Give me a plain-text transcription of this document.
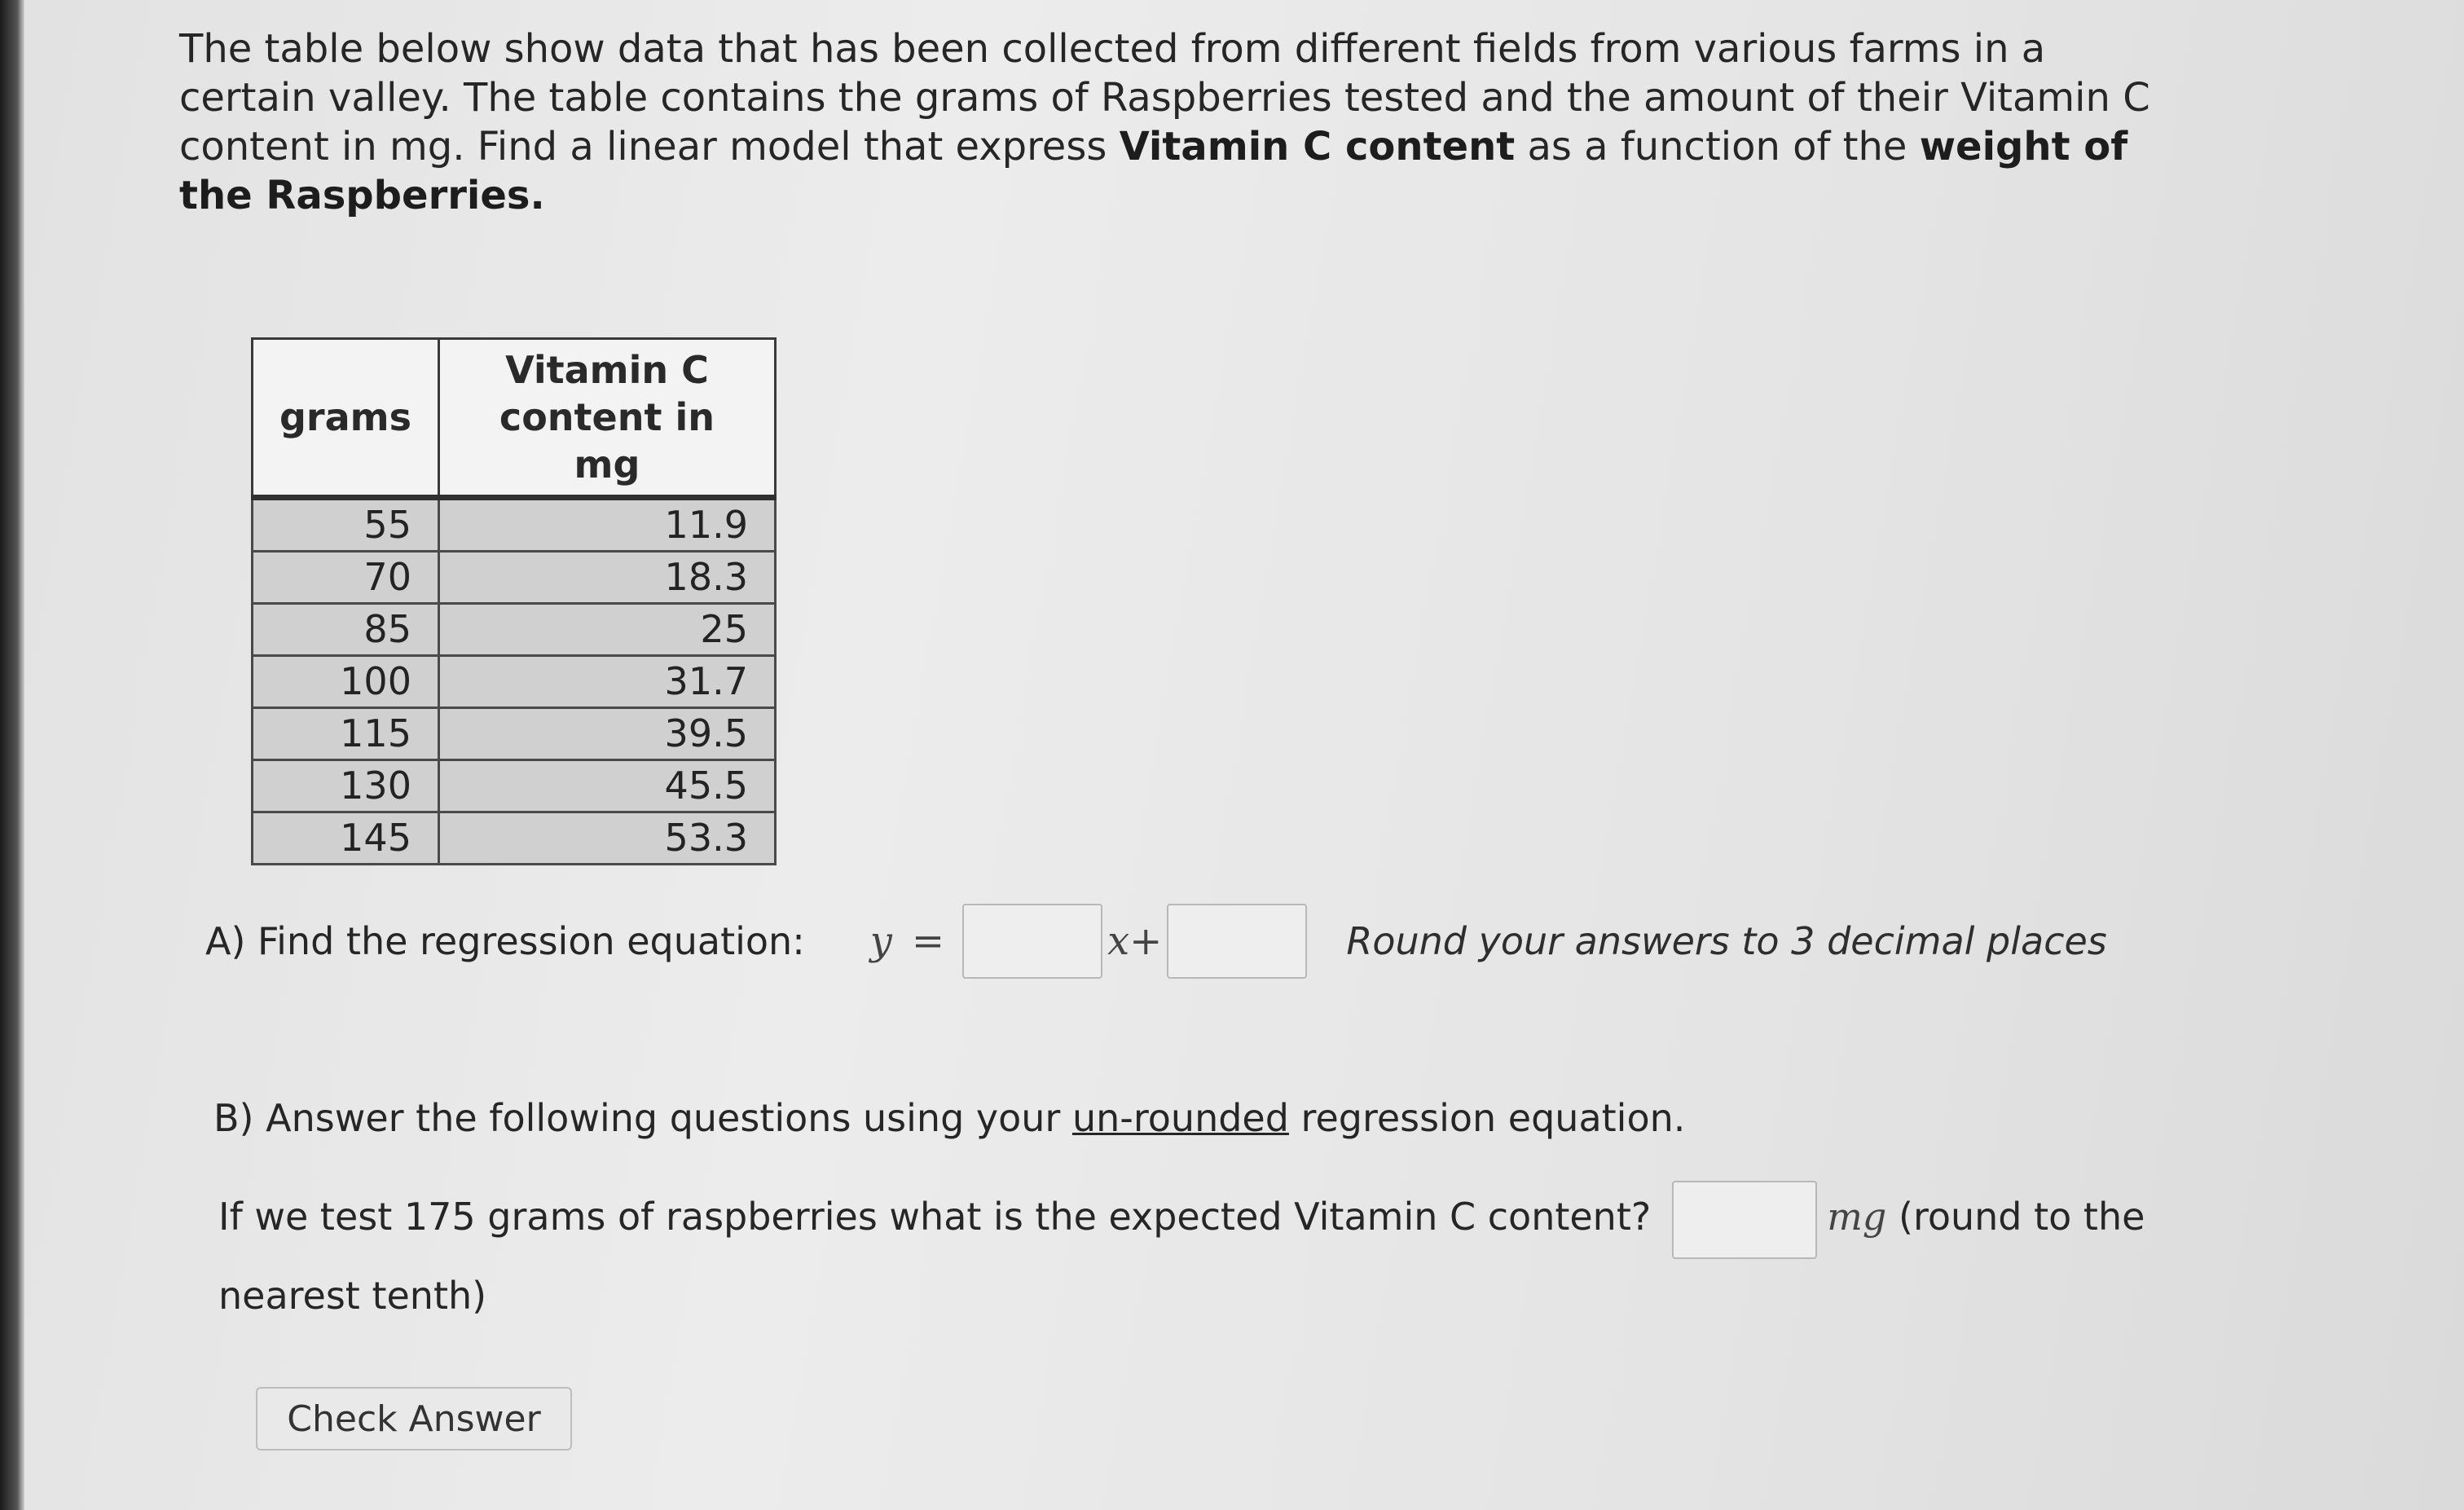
The table below show data that has been collected from different fields from various farms in a certain valley. The table contains the grams of Raspberries tested and the amount of their Vitamin C content in mg. Find a linear model that express Vitamin C content as a function of the weight of the Raspberries.

grams	Vitamin C content in mg
55	11.9
70	18.3
85	25
100	31.7
115	39.5
130	45.5
145	53.3
A) Find the regression equation: y =	x+	Round your answers to 3 decimal places
B) Answer the following questions using your un-rounded regression equation.
If we test 175 grams of raspberries what is the expected Vitamin C content?	mg (round to the nearest tenth)
Check Answer
